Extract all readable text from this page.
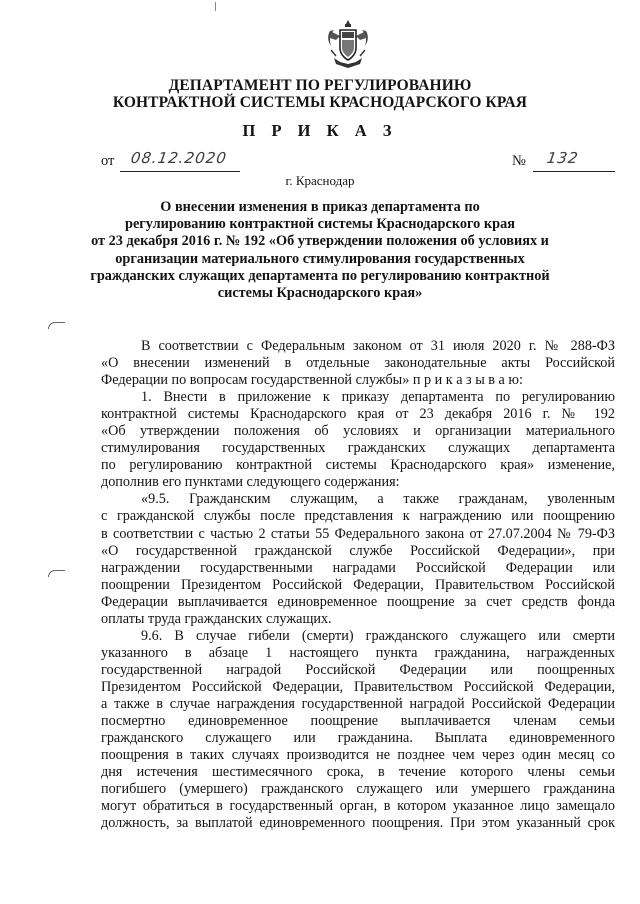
ДЕПАРТАМЕНТ ПО РЕГУЛИРОВАНИЮ
КОНТРАКТНОЙ СИСТЕМЫ КРАСНОДАРСКОГО КРАЯ
П Р И К А З
от 08.12.2020	№ 132
г. Краснодар
О внесении изменения в приказ департамента по
регулированию контрактной системы Краснодарского края
от 23 декабря 2016 г. № 192 «Об утверждении положения об условиях и
организации материального стимулирования государственных
гражданских служащих департамента по регулированию контрактной
системы Краснодарского края»
В соответствии с Федеральным законом от 31 июля 2020 г. № 288-ФЗ
«О внесении изменений в отдельные законодательные акты Российской
Федерации по вопросам государственной службы» п р и к а з ы в а ю:
1. Внести в приложение к приказу департамента по регулированию
контрактной системы Краснодарского края от 23 декабря 2016 г. № 192
«Об утверждении положения об условиях и организации материального
стимулирования государственных гражданских служащих департамента
по регулированию контрактной системы Краснодарского края» изменение,
дополнив его пунктами следующего содержания:
«9.5. Гражданским служащим, а также гражданам, уволенным
с гражданской службы после представления к награждению или поощрению
в соответствии с частью 2 статьи 55 Федерального закона от 27.07.2004 № 79-ФЗ
«О государственной гражданской службе Российской Федерации», при
награждении государственными наградами Российской Федерации или
поощрении Президентом Российской Федерации, Правительством Российской
Федерации выплачивается единовременное поощрение за счет средств фонда
оплаты труда гражданских служащих.
9.6. В случае гибели (смерти) гражданского служащего или смерти
указанного в абзаце 1 настоящего пункта гражданина, награжденных
государственной наградой Российской Федерации или поощренных
Президентом Российской Федерации, Правительством Российской Федерации,
а также в случае награждения государственной наградой Российской Федерации
посмертно единовременное поощрение выплачивается членам семьи
гражданского служащего или гражданина. Выплата единовременного
поощрения в таких случаях производится не позднее чем через один месяц со
дня истечения шестимесячного срока, в течение которого члены семьи
погибшего (умершего) гражданского служащего или умершего гражданина
могут обратиться в государственный орган, в котором указанное лицо замещало
должность, за выплатой единовременного поощрения. При этом указанный срок
